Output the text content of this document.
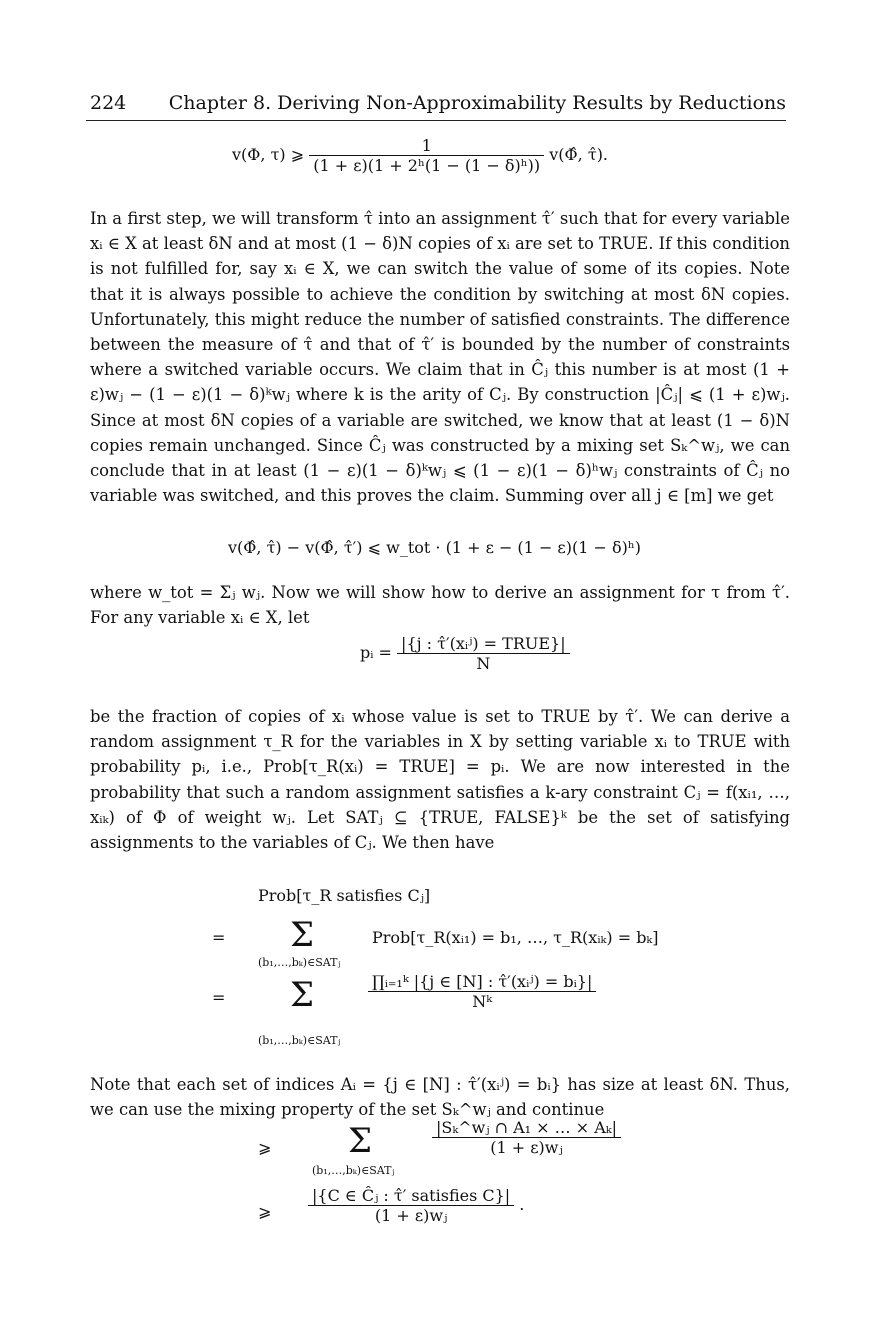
224 Chapter 8. Deriving Non-Approximability Results by Reductions
v(Φ, τ) ⩾ $\frac{1}{\text{(1 + ε)(1 + 2ʰ(1 − (1 − δ)ʰ))}}$ v(Φ̂, τ̂).
In a first step, we will transform τ̂ into an assignment τ̂′ such that for every variable xᵢ ∈ X at least δN and at most (1 − δ)N copies of xᵢ are set to TRUE. If this condition is not fulfilled for, say xᵢ ∈ X, we can switch the value of some of its copies. Note that it is always possible to achieve the condition by switching at most δN copies. Unfortunately, this might reduce the number of satisfied constraints. The difference between the measure of τ̂ and that of τ̂′ is bounded by the number of constraints where a switched variable occurs. We claim that in Ĉⱼ this number is at most (1 + ε)wⱼ − (1 − ε)(1 − δ)ᵏwⱼ where k is the arity of Cⱼ. By construction |Ĉⱼ| ⩽ (1 + ε)wⱼ. Since at most δN copies of a variable are switched, we know that at least (1 − δ)N copies remain unchanged. Since Ĉⱼ was constructed by a mixing set Sₖ^wⱼ, we can conclude that in at least (1 − ε)(1 − δ)ᵏwⱼ ⩽ (1 − ε)(1 − δ)ʰwⱼ constraints of Ĉⱼ no variable was switched, and this proves the claim. Summing over all j ∈ [m] we get
v(Φ̂, τ̂) − v(Φ̂, τ̂′) ⩽ w_tot · (1 + ε − (1 − ε)(1 − δ)ʰ)
where w_tot = Σⱼ wⱼ. Now we will show how to derive an assignment for τ from τ̂′. For any variable xᵢ ∈ X, let
pᵢ = $\frac{\text{|\{j : τ̂′(xᵢʲ) = TRUE\}|}}{N}$
be the fraction of copies of xᵢ whose value is set to TRUE by τ̂′. We can derive a random assignment τ_R for the variables in X by setting variable xᵢ to TRUE with probability pᵢ, i.e., Prob[τ_R(xᵢ) = TRUE] = pᵢ. We are now interested in the probability that such a random assignment satisfies a k-ary constraint Cⱼ = f(xᵢ₁, …, xᵢₖ) of Φ of weight wⱼ. Let SATⱼ ⊆ {TRUE, FALSE}ᵏ be the set of satisfying assignments to the variables of Cⱼ. We then have
Prob[τ_R satisfies Cⱼ]
= Σ
(b₁,…,bₖ)∈SATⱼ
Prob[τ_R(xᵢ₁) = b₁, …, τ_R(xᵢₖ) = bₖ]
= Σ
(b₁,…,bₖ)∈SATⱼ
$\frac{\text{∏ᵢ₌₁ᵏ |\{j ∈ [N] : τ̂′(xᵢʲ) = bᵢ\}|}}{\text{Nᵏ}}$
Note that each set of indices Aᵢ = {j ∈ [N] : τ̂′(xᵢʲ) = bᵢ} has size at least δN. Thus, we can use the mixing property of the set Sₖ^wⱼ and continue
⩾ Σ
(b₁,…,bₖ)∈SATⱼ
$\frac{\text{|Sₖ\textasciicircum{}wⱼ ∩ A₁ × … × Aₖ|}}{\text{(1 + ε)wⱼ}}$
⩾ $\frac{\text{|\{C ∈ Ĉⱼ : τ̂′ satisfies C\}|}}{\text{(1 + ε)wⱼ}}$ .
